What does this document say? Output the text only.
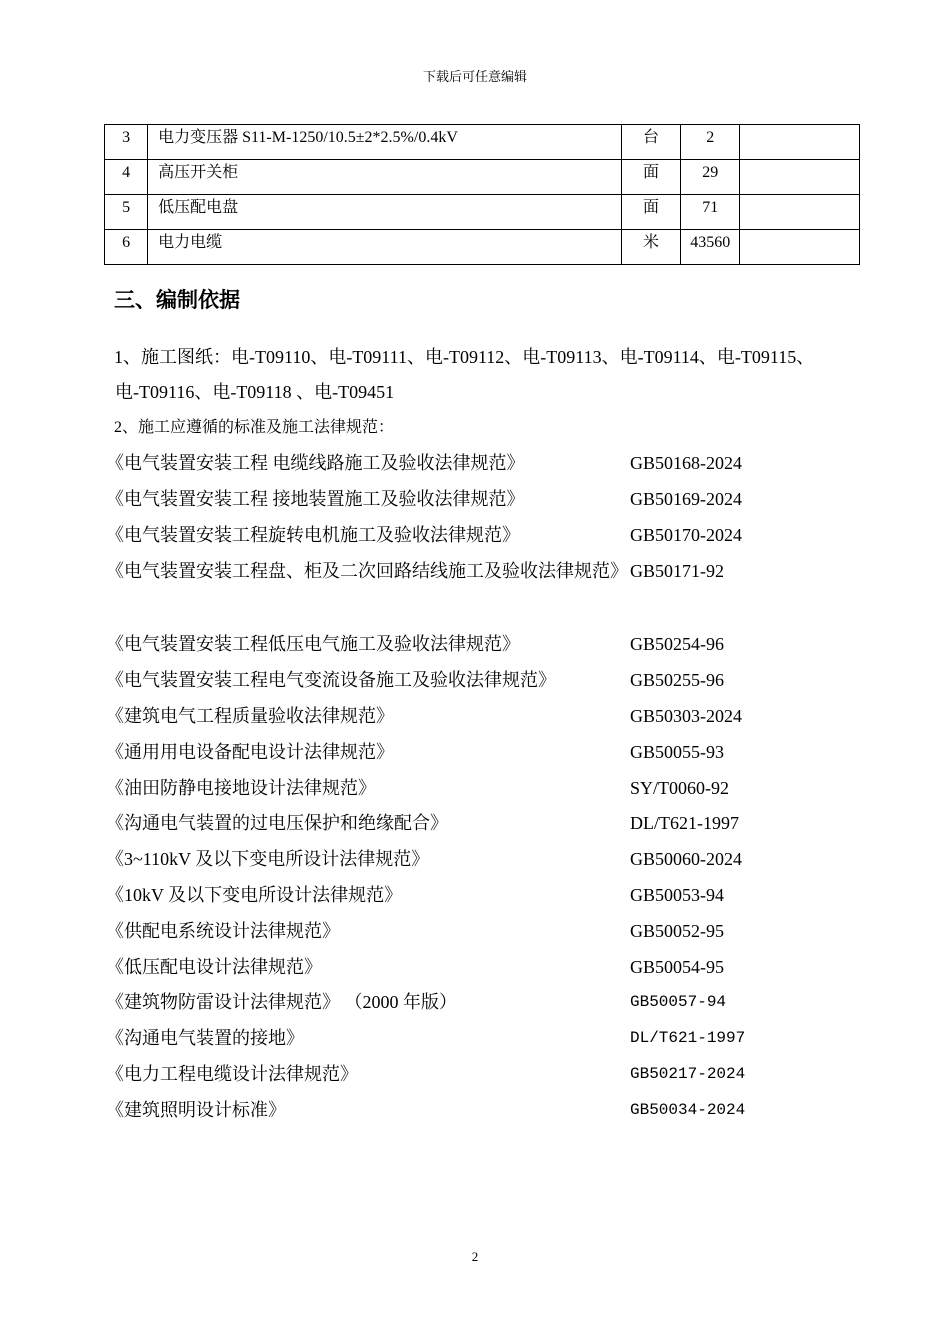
下载后可任意编辑
3	电力变压器 S11-M-1250/10.5±2*2.5%/0.4kV	台	2	
4	高压开关柜	面	29	
5	低压配电盘	面	71	
6	电力电缆	米	43560	
三、编制依据
1、施工图纸：电-T09110、电-T09111、电-T09112、电-T09113、电-T09114、电-T09115、
电-T09116、电-T09118 、电-T09451
2、施工应遵循的标准及施工法律规范：
《电气装置安装工程 电缆线路施工及验收法律规范》	GB50168-2024
《电气装置安装工程 接地装置施工及验收法律规范》	GB50169-2024
《电气装置安装工程旋转电机施工及验收法律规范》	GB50170-2024
《电气装置安装工程盘、柜及二次回路结线施工及验收法律规范》 GB50171-92
《电气装置安装工程低压电气施工及验收法律规范》	GB50254-96
《电气装置安装工程电气变流设备施工及验收法律规范》	GB50255-96
《建筑电气工程质量验收法律规范》	GB50303-2024
《通用用电设备配电设计法律规范》	GB50055-93
《油田防静电接地设计法律规范》	SY/T0060-92
《沟通电气装置的过电压保护和绝缘配合》	DL/T621-1997
《3~110kV 及以下变电所设计法律规范》	GB50060-2024
《10kV 及以下变电所设计法律规范》	GB50053-94
《供配电系统设计法律规范》	GB50052-95
《低压配电设计法律规范》	GB50054-95
《建筑物防雷设计法律规范》 （2000 年版）	GB50057-94
《沟通电气装置的接地》	DL/T621-1997
《电力工程电缆设计法律规范》	GB50217-2024
《建筑照明设计标准》	GB50034-2024
2
